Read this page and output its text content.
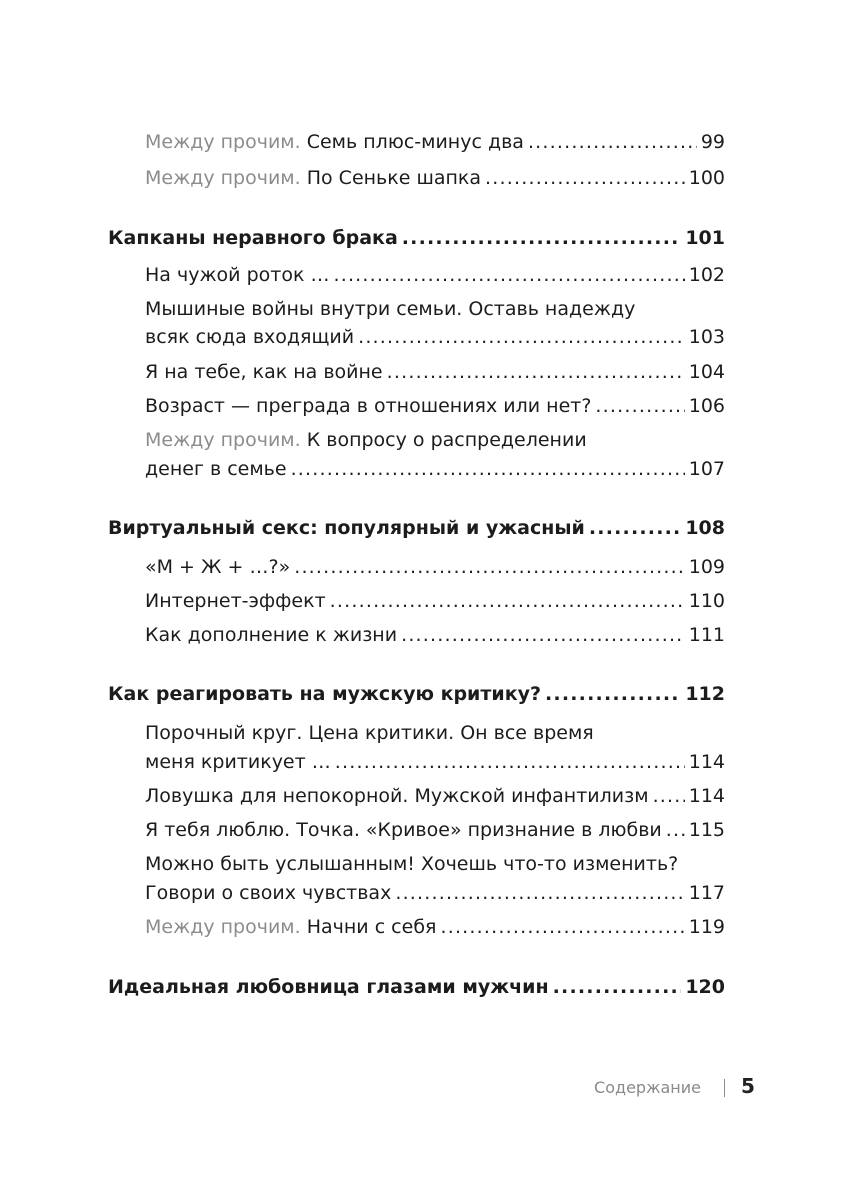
Между прочим. Семь плюс-минус два .....	99
Между прочим. По Сеньке шапка .....	100
Капканы неравного брака .....	101
На чужой роток … .....	102
Мышиные войны внутри семьи. Оставь надежду
всяк сюда входящий .....	103
Я на тебе, как на войне .....	104
Возраст — преграда в отношениях или нет? .....	106
Между прочим. К вопросу о распределении
денег в семье .....	107
Виртуальный секс: популярный и ужасный .....	108
«М + Ж + …?» .....	109
Интернет-эффект .....	110
Как дополнение к жизни .....	111
Как реагировать на мужскую критику? .....	112
Порочный круг. Цена критики. Он все время
меня критикует … .....	114
Ловушка для непокорной. Мужской инфантилизм ..... 114
Я тебя люблю. Точка. «Кривое» признание в любви ..... 115
Можно быть услышанным! Хочешь что-то изменить?
Говори о своих чувствах .....	117
Между прочим. Начни с себя .....	119
Идеальная любовница глазами мужчин .....	120
Содержание 5
